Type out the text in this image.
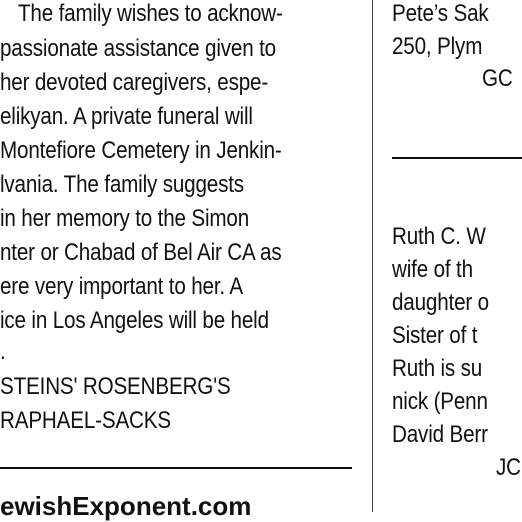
The family wishes to acknow-
passionate assistance given to
her devoted caregivers, espe-
elikyan. A private funeral will
Montefiore Cemetery in Jenkin-
lvania. The family suggests
in her memory to the Simon
nter or Chabad of Bel Air CA as
ere very important to her. A
ice in Los Angeles will be held
.
STEINS' ROSENBERG'S
RAPHAEL-SACKS
ewishExponent.com
Pete’s Sak
250, Plym
GC
Ruth C. W
wife of th
daughter o
Sister of t
Ruth is su
nick (Penn
David Berr
JC
